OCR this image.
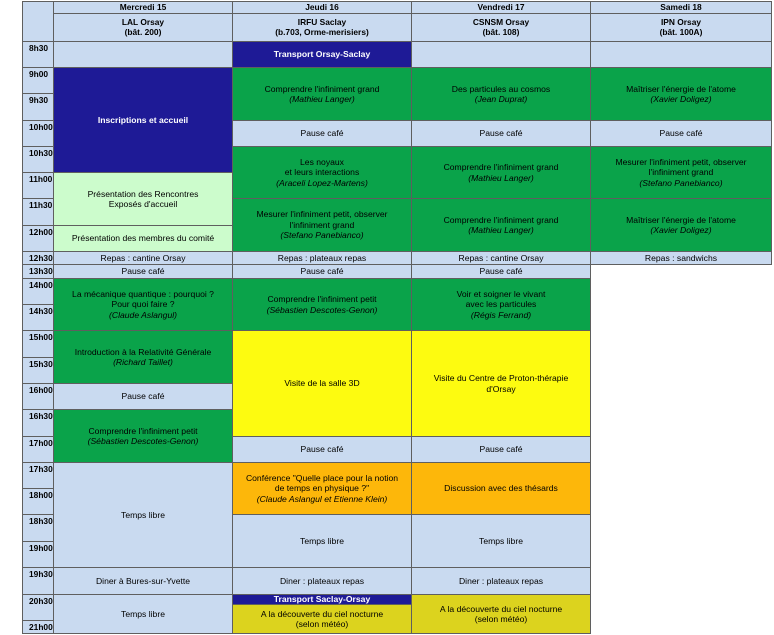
Mercredi 15
LAL Orsay
(bât. 200)
Jeudi 16
IRFU Saclay
(b.703, Orme-merisiers)
Vendredi 17
CSNSM Orsay
(bât. 108)
Samedi 18
IPN Orsay
(bât. 100A)
8h30
9h00
9h30
10h00
10h30
11h00
11h30
12h00
12h30
13h30
14h00
14h30
15h00
15h30
16h00
16h30
17h00
17h30
18h00
18h30
19h00
19h30
20h30
21h00
Transport Orsay-Saclay
Inscriptions et accueil
Présentation des Rencontres
Exposés d'accueil
Présentation des membres du comité
Repas : cantine Orsay
Pause café
La mécanique quantique : pourquoi ?
Pour quoi faire ?
(Claude Aslangul)
Introduction à la Relativité Générale
(Richard Taillet)
Pause café
Comprendre l'infiniment petit
(Sébastien Descotes-Genon)
Temps libre
Diner à Bures-sur-Yvette
Temps libre
Comprendre l'infiniment grand
(Mathieu Langer)
Pause café
Les noyaux
et leurs interactions
(Araceli Lopez-Martens)
Mesurer l'infiniment petit, observer
l'infiniment grand
(Stefano Panebianco)
Repas : plateaux repas
Pause café
Comprendre l'infiniment petit
(Sébastien Descotes-Genon)
Visite de la salle 3D
Pause café
Conférence "Quelle place pour la notion
de temps en physique ?"
(Claude Aslangul et Etienne Klein)
Temps libre
Diner : plateaux repas
Transport Saclay-Orsay
A la découverte du ciel nocturne
(selon météo)
Des particules au cosmos
(Jean Duprat)
Pause café
Comprendre l'infiniment grand
(Mathieu Langer)
Comprendre l'infiniment grand
(Mathieu Langer)
Repas : cantine Orsay
Pause café
Voir et soigner le vivant
avec les particules
(Régis Ferrand)
Visite du Centre de Proton-thérapie
d'Orsay
Pause café
Discussion avec des thésards
Temps libre
Diner : plateaux repas
A la découverte du ciel nocturne
(selon météo)
Maîtriser l'énergie de l'atome
(Xavier Doligez)
Pause café
Mesurer l'infiniment petit, observer
l'infiniment grand
(Stefano Panebianco)
Maîtriser l'énergie de l'atome
(Xavier Doligez)
Repas : sandwichs
